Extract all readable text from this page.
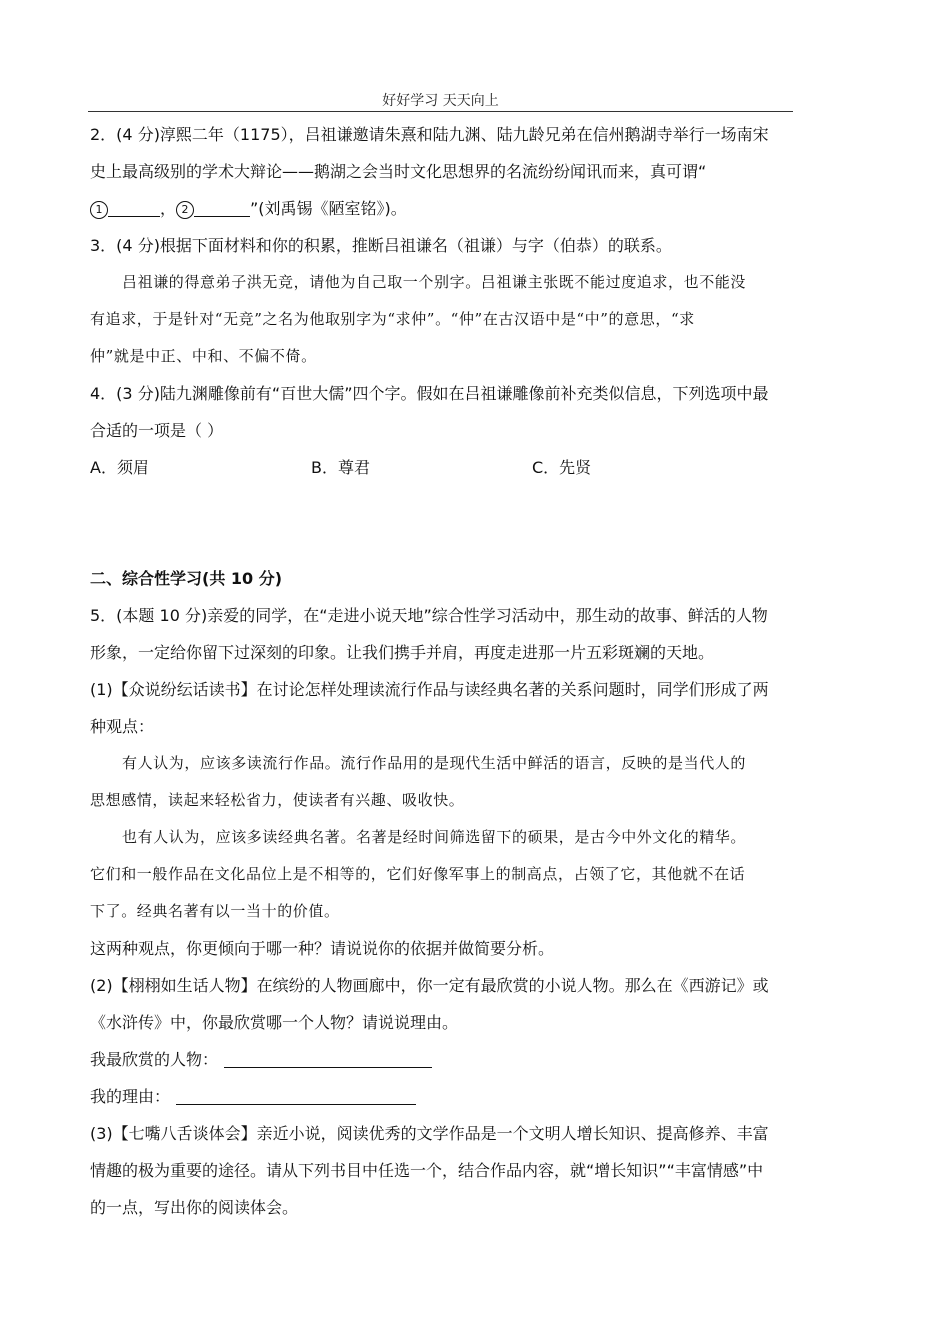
好好学习 天天向上
2．(4 分)淳熙二年（1175），吕祖谦邀请朱熹和陆九渊、陆九龄兄弟在信州鹅湖寺举行一场南宋
史上最高级别的学术大辩论——鹅湖之会当时文化思想界的名流纷纷闻讯而来，真可谓“
1	， 2	”(刘禹锡《陋室铭》)。
3．(4 分)根据下面材料和你的积累，推断吕祖谦名（祖谦）与字（伯恭）的联系。
吕祖谦的得意弟子洪无竞，请他为自己取一个别字。吕祖谦主张既不能过度追求，也不能没
有追求，于是针对“无竞”之名为他取别字为“求仲”。“仲”在古汉语中是“中”的意思，“求
仲”就是中正、中和、不偏不倚。
4．(3 分)陆九渊雕像前有“百世大儒”四个字。假如在吕祖谦雕像前补充类似信息，下列选项中最
合适的一项是（ ）
A．须眉	B．尊君	C．先贤
二、综合性学习(共 10 分)
5．(本题 10 分)亲爱的同学，在“走进小说天地”综合性学习活动中，那生动的故事、鲜活的人物
形象，一定给你留下过深刻的印象。让我们携手并肩，再度走进那一片五彩斑斓的天地。
(1)【众说纷纭话读书】在讨论怎样处理读流行作品与读经典名著的关系问题时，同学们形成了两
种观点：
有人认为，应该多读流行作品。流行作品用的是现代生活中鲜活的语言，反映的是当代人的
思想感情，读起来轻松省力，使读者有兴趣、吸收快。
也有人认为，应该多读经典名著。名著是经时间筛选留下的硕果，是古今中外文化的精华。
它们和一般作品在文化品位上是不相等的，它们好像军事上的制高点，占领了它，其他就不在话
下了。经典名著有以一当十的价值。
这两种观点，你更倾向于哪一种？请说说你的依据并做简要分析。
(2)【栩栩如生话人物】在缤纷的人物画廊中，你一定有最欣赏的小说人物。那么在《西游记》或
《水浒传》中，你最欣赏哪一个人物？请说说理由。
我最欣赏的人物：
我的理由：
(3)【七嘴八舌谈体会】亲近小说，阅读优秀的文学作品是一个文明人增长知识、提高修养、丰富
情趣的极为重要的途径。请从下列书目中任选一个，结合作品内容，就“增长知识”“丰富情感”中
的一点，写出你的阅读体会。
